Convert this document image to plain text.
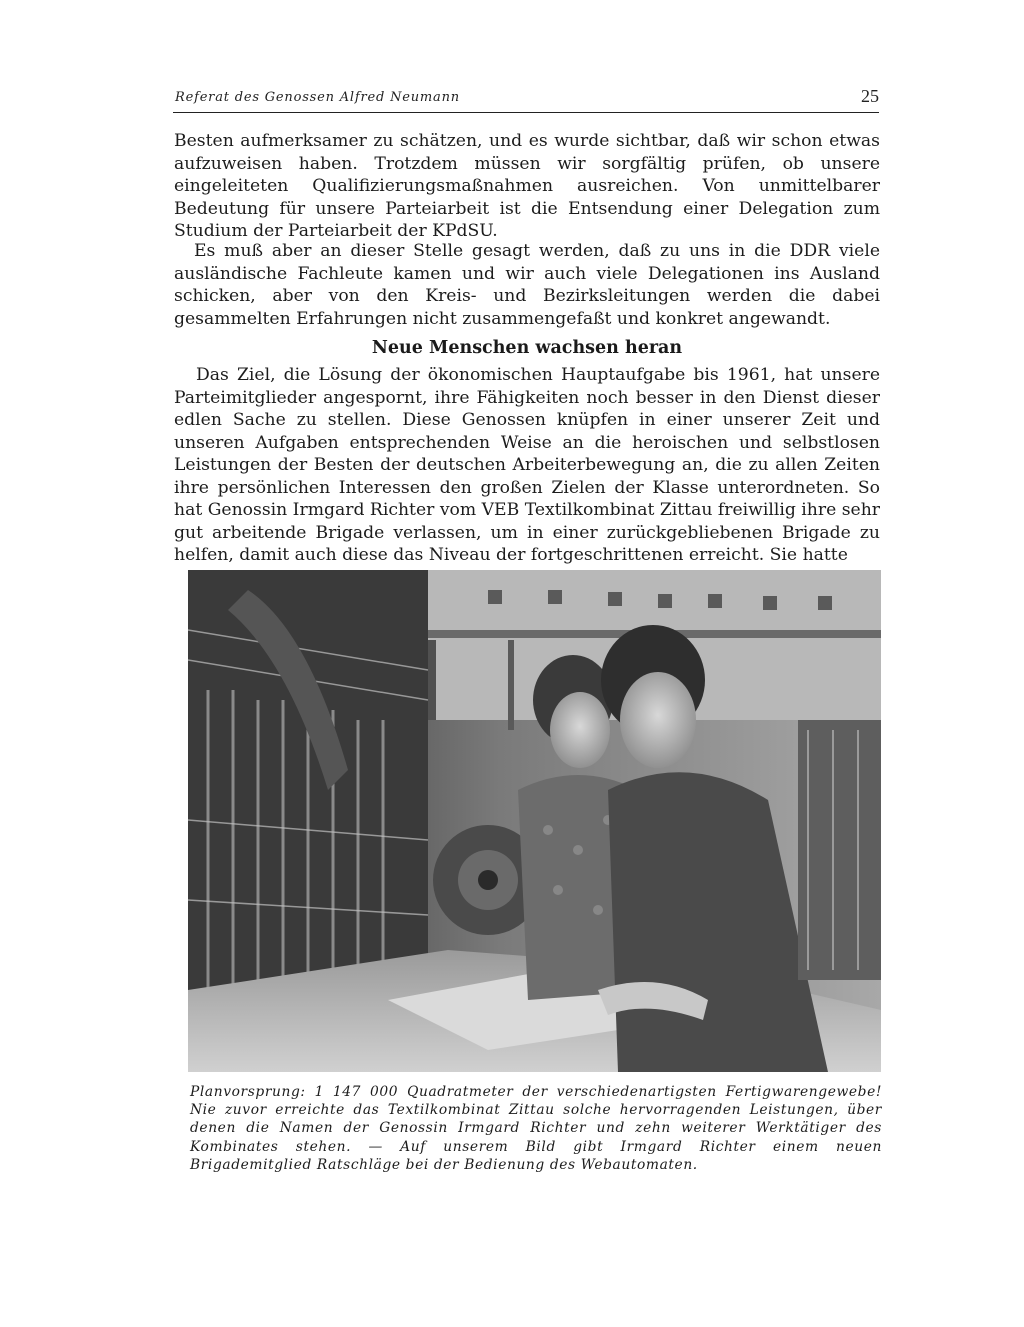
Referat des Genossen Alfred Neumann	25

Besten aufmerksamer zu schätzen, und es wurde sichtbar, daß wir schon etwas aufzuweisen haben. Trotzdem müssen wir sorgfältig prüfen, ob unsere eingeleiteten Qualifizierungsmaßnahmen ausreichen. Von unmittelbarer Bedeutung für unsere Parteiarbeit ist die Entsendung einer Delegation zum Studium der Parteiarbeit der KPdSU.

Es muß aber an dieser Stelle gesagt werden, daß zu uns in die DDR viele ausländische Fachleute kamen und wir auch viele Delegationen ins Ausland schicken, aber von den Kreis- und Bezirksleitungen werden die dabei gesammelten Erfahrungen nicht zusammengefaßt und konkret angewandt.

Neue Menschen wachsen heran

Das Ziel, die Lösung der ökonomischen Hauptaufgabe bis 1961, hat unsere Parteimitglieder angespornt, ihre Fähigkeiten noch besser in den Dienst dieser edlen Sache zu stellen. Diese Genossen knüpfen in einer unserer Zeit und unseren Aufgaben entsprechenden Weise an die heroischen und selbstlosen Leistungen der Besten der deutschen Arbeiterbewegung an, die zu allen Zeiten ihre persönlichen Interessen den großen Zielen der Klasse unterordneten. So hat Genossin Irmgard Richter vom VEB Textilkombinat Zittau freiwillig ihre sehr gut arbeitende Brigade verlassen, um in einer zurückgebliebenen Brigade zu helfen, damit auch diese das Niveau der fortgeschrittenen erreicht. Sie hatte

Planvorsprung: 1 147 000 Quadratmeter der verschiedenartigsten Fertigwarengewebe! Nie zuvor erreichte das Textilkombinat Zittau solche hervorragenden Leistungen, über denen die Namen der Genossin Irmgard Richter und zehn weiterer Werktätiger des Kombinates stehen. — Auf unserem Bild gibt Irmgard Richter einem neuen Brigademitglied Ratschläge bei der Bedienung des Webautomaten.
